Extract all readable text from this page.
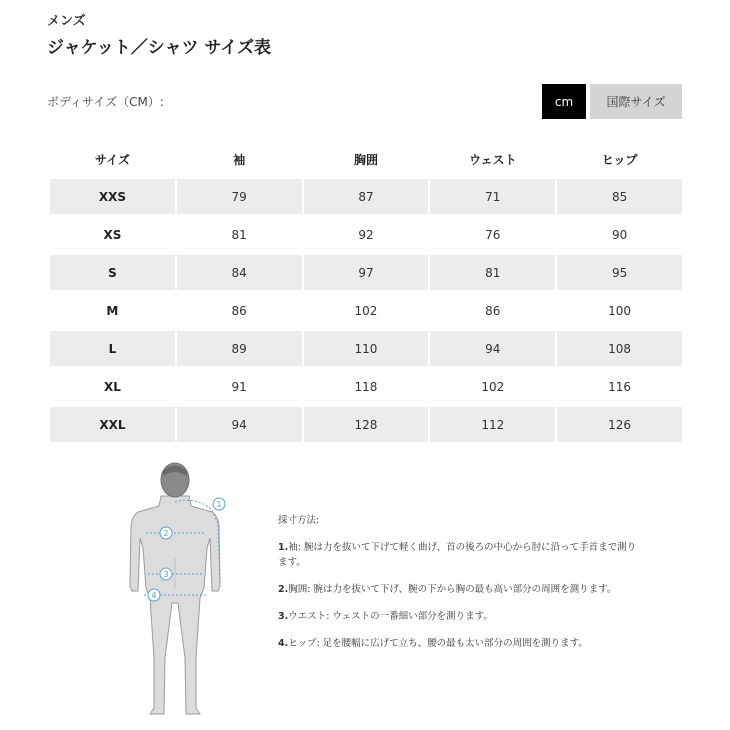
メンズ
ジャケット／シャツ サイズ表
ボディサイズ（CM）:	cm	国際サイズ
サイズ	袖	胸囲	ウェスト	ヒップ
XXS	79	87	71	85
XS	81	92	76	90
S	84	97	81	95
M	86	102	86	100
L	89	110	94	108
XL	91	118	102	116
XXL	94	128	112	126
1
2
3
4
採寸方法:
1.袖: 腕は力を抜いて下げて軽く曲げ、首の後ろの中心から肘に沿って手首まで測ります。
2.胸囲: 腕は力を抜いて下げ、腕の下から胸の最も高い部分の周囲を測ります。
3.ウエスト: ウェストの一番細い部分を測ります。
4.ヒップ: 足を腰幅に広げて立ち、腰の最も太い部分の周囲を測ります。
